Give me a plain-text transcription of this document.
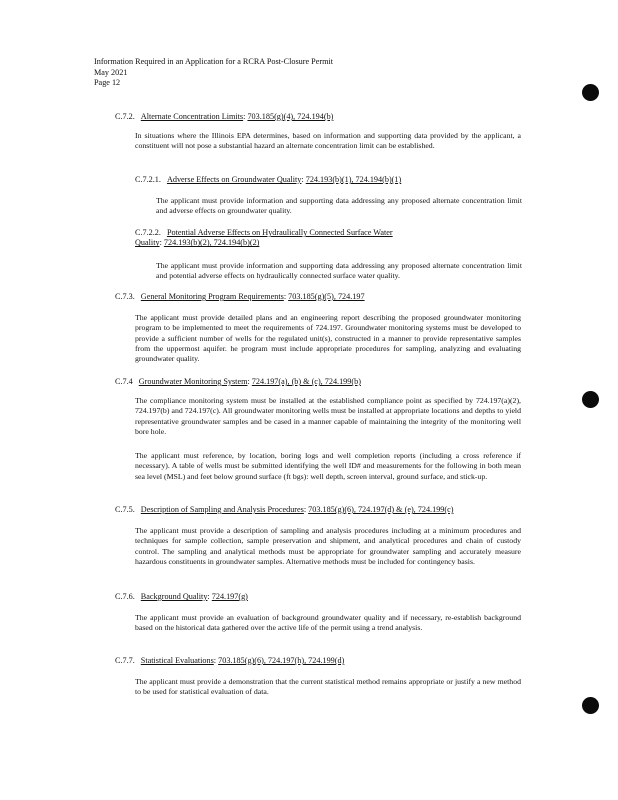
Information Required in an Application for a RCRA Post-Closure Permit
May 2021
Page 12
C.7.2. Alternate Concentration Limits: 703.185(g)(4), 724.194(b)
In situations where the Illinois EPA determines, based on information and supporting data provided by the applicant, a constituent will not pose a substantial hazard an alternate concentration limit can be established.
C.7.2.1. Adverse Effects on Groundwater Quality: 724.193(b)(1), 724.194(b)(1)
The applicant must provide information and supporting data addressing any proposed alternate concentration limit and adverse effects on groundwater quality.
C.7.2.2. Potential Adverse Effects on Hydraulically Connected Surface Water Quality: 724.193(b)(2), 724.194(b)(2)
The applicant must provide information and supporting data addressing any proposed alternate concentration limit and potential adverse effects on hydraulically connected surface water quality.
C.7.3. General Monitoring Program Requirements: 703.185(g)(5), 724.197
The applicant must provide detailed plans and an engineering report describing the proposed groundwater monitoring program to be implemented to meet the requirements of 724.197. Groundwater monitoring systems must be developed to provide a sufficient number of wells for the regulated unit(s), constructed in a manner to provide representative samples from the uppermost aquifer. he program must include appropriate procedures for sampling, analyzing and evaluating groundwater quality.
C.7.4 Groundwater Monitoring System: 724.197(a), (b) & (c), 724.199(b)
The compliance monitoring system must be installed at the established compliance point as specified by 724.197(a)(2), 724.197(b) and 724.197(c). All groundwater monitoring wells must be installed at appropriate locations and depths to yield representative groundwater samples and be cased in a manner capable of maintaining the integrity of the monitoring well bore hole.
The applicant must reference, by location, boring logs and well completion reports (including a cross reference if necessary). A table of wells must be submitted identifying the well ID# and measurements for the following in both mean sea level (MSL) and feet below ground surface (ft bgs): well depth, screen interval, ground surface, and stick-up.
C.7.5. Description of Sampling and Analysis Procedures: 703.185(g)(6), 724.197(d) & (e), 724.199(c)
The applicant must provide a description of sampling and analysis procedures including at a minimum procedures and techniques for sample collection, sample preservation and shipment, and analytical procedures and chain of custody control. The sampling and analytical methods must be appropriate for groundwater sampling and accurately measure hazardous constituents in groundwater samples. Alternative methods must be included for contingency basis.
C.7.6. Background Quality: 724.197(g)
The applicant must provide an evaluation of background groundwater quality and if necessary, re-establish background based on the historical data gathered over the active life of the permit using a trend analysis.
C.7.7. Statistical Evaluations: 703.185(g)(6), 724.197(h), 724.199(d)
The applicant must provide a demonstration that the current statistical method remains appropriate or justify a new method to be used for statistical evaluation of data.
